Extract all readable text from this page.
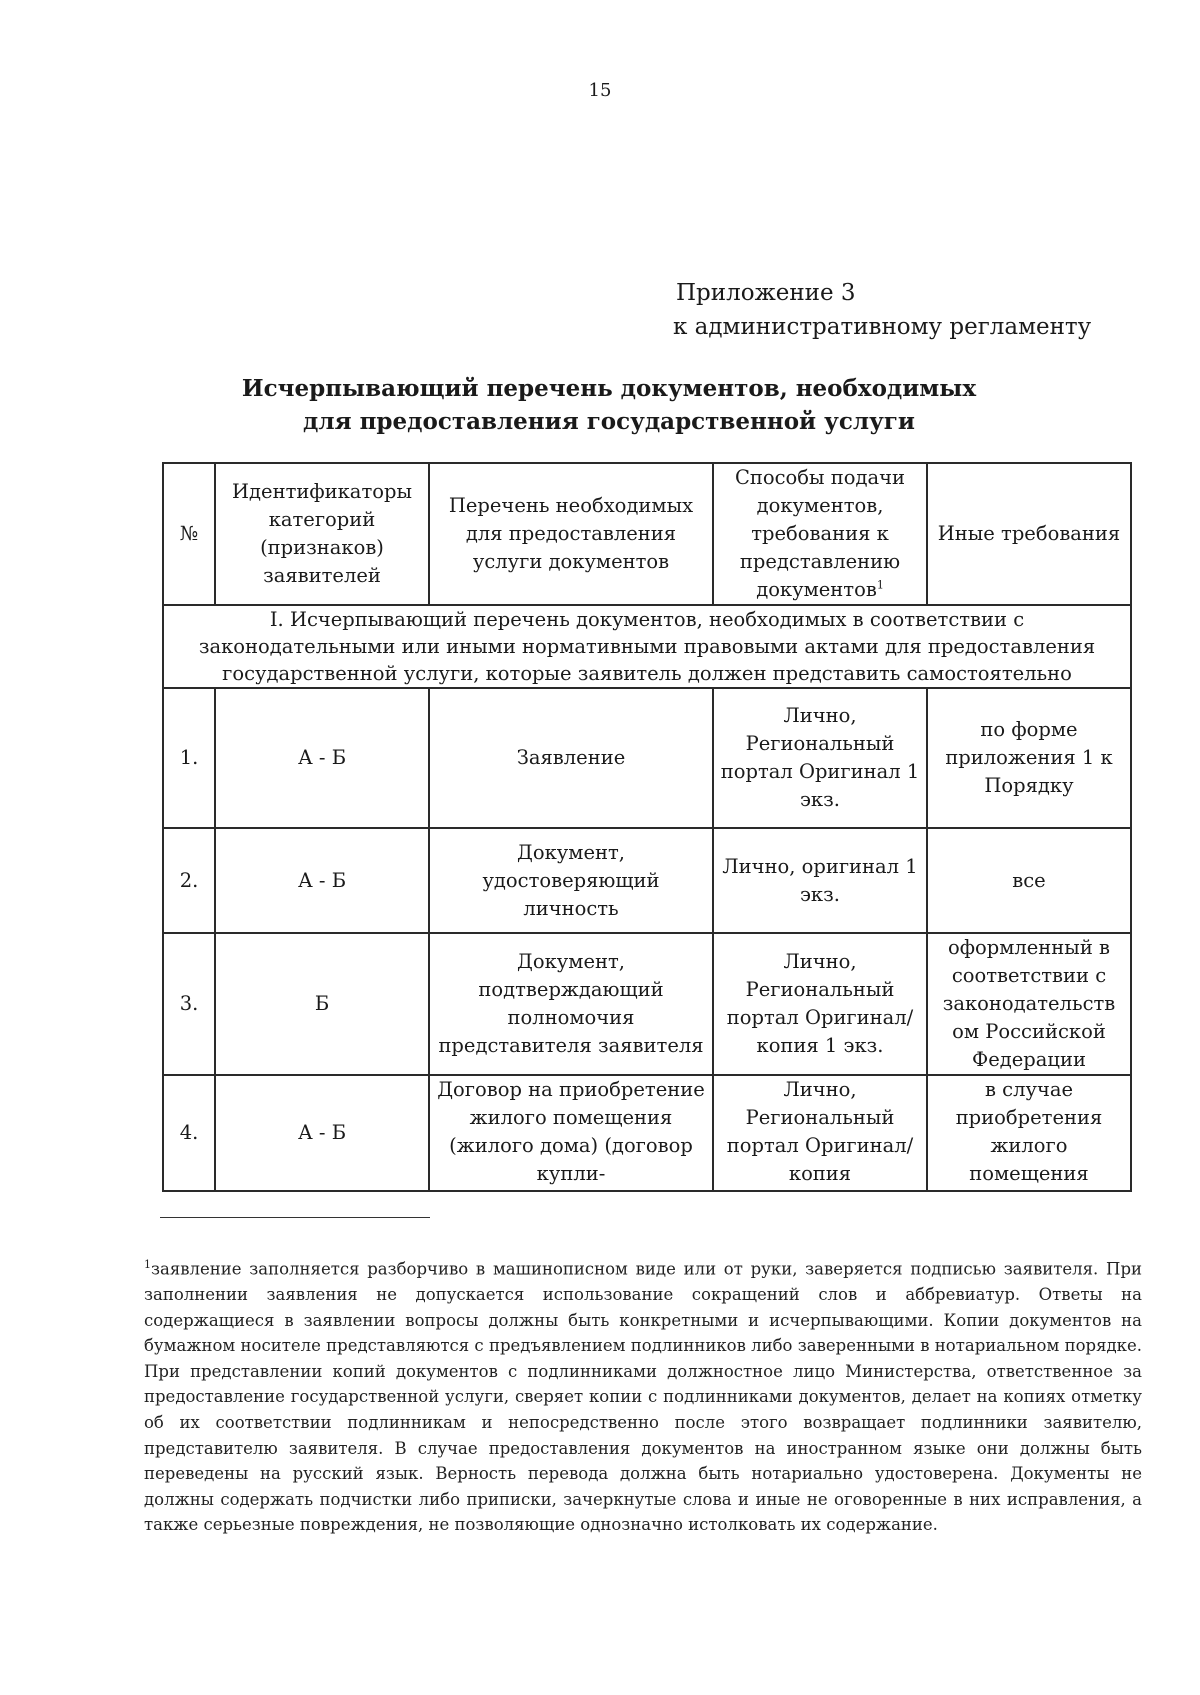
15
Приложение 3
к административному регламенту
Исчерпывающий перечень документов, необходимых
для предоставления государственной услуги
№	Идентификаторы категорий (признаков) заявителей	Перечень необходимых для предоставления услуги документов	Способы подачи документов, требования к представлению документов$^1$	Иные требования
I. Исчерпывающий перечень документов, необходимых в соответствии с законодательными или иными нормативными правовыми актами для предоставления государственной услуги, которые заявитель должен представить самостоятельно				
1.	А - Б	Заявление	Лично, Региональный портал Оригинал 1 экз.	по форме приложения 1 к Порядку
2.	А - Б	Документ, удостоверяющий личность	Лично, оригинал 1 экз.	все
3.	Б	Документ, подтверждающий полномочия представителя заявителя	Лично, Региональный портал Оригинал/копия 1 экз.	оформленный в соответствии с законодательств ом Российской Федерации
4.	А - Б	Договор на приобретение жилого помещения (жилого дома) (договор купли-	Лично, Региональный портал Оригинал/копия	в случае приобретения жилого помещения
$^1$заявление заполняется разборчиво в машинописном виде или от руки, заверяется подписью заявителя. При заполнении заявления не допускается использование сокращений слов и аббревиатур. Ответы на содержащиеся в заявлении вопросы должны быть конкретными и исчерпывающими. Копии документов на бумажном носителе представляются с предъявлением подлинников либо заверенными в нотариальном порядке. При представлении копий документов с подлинниками должностное лицо Министерства, ответственное за предоставление государственной услуги, сверяет копии с подлинниками документов, делает на копиях отметку об их соответствии подлинникам и непосредственно после этого возвращает подлинники заявителю, представителю заявителя. В случае предоставления документов на иностранном языке они должны быть переведены на русский язык. Верность перевода должна быть нотариально удостоверена. Документы не должны содержать подчистки либо приписки, зачеркнутые слова и иные не оговоренные в них исправления, а также серьезные повреждения, не позволяющие однозначно истолковать их содержание.
